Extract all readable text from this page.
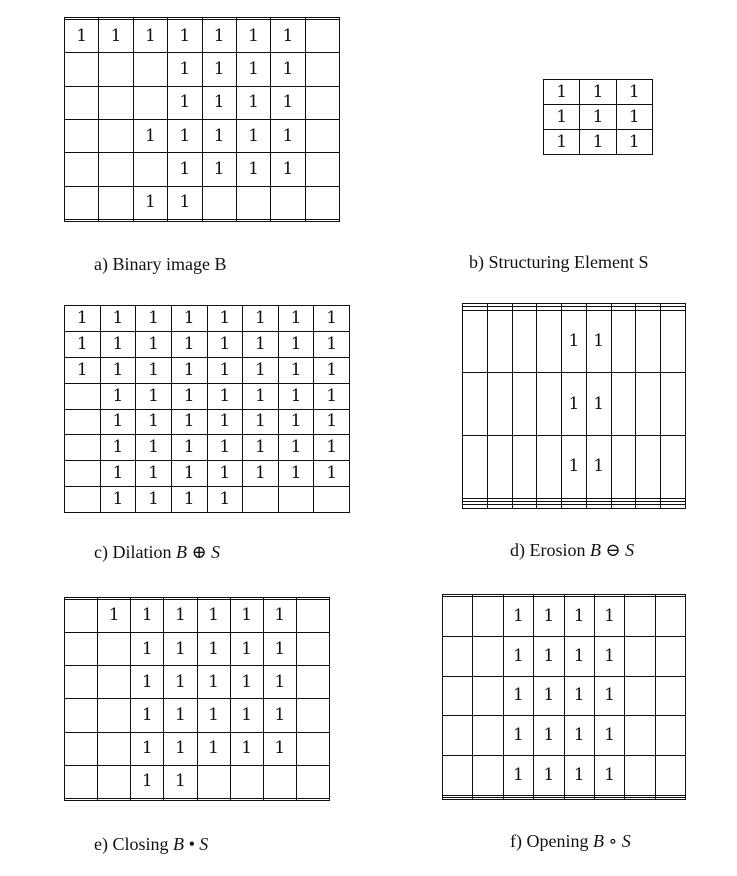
1	1	1	1	1	1	1	
			1	1	1	1	
			1	1	1	1	
		1	1	1	1	1	
			1	1	1	1	
		1	1				

a) Binary image B
1	1	1
1	1	1
1	1	1
b) Structuring Element S
1	1	1	1	1	1	1	1
1	1	1	1	1	1	1	1
1	1	1	1	1	1	1	1
	1	1	1	1	1	1	1
	1	1	1	1	1	1	1
	1	1	1	1	1	1	1
	1	1	1	1	1	1	1
	1	1	1	1			
c) Dilation B ⊕ S

				1	1			
				1	1			
				1	1			

d) Erosion B ⊖ S

	1	1	1	1	1	1	
		1	1	1	1	1	
		1	1	1	1	1	
		1	1	1	1	1	
		1	1	1	1	1	
		1	1				

e) Closing B • S

		1	1	1	1		
		1	1	1	1		
		1	1	1	1		
		1	1	1	1		
		1	1	1	1		

f) Opening B ∘ S
